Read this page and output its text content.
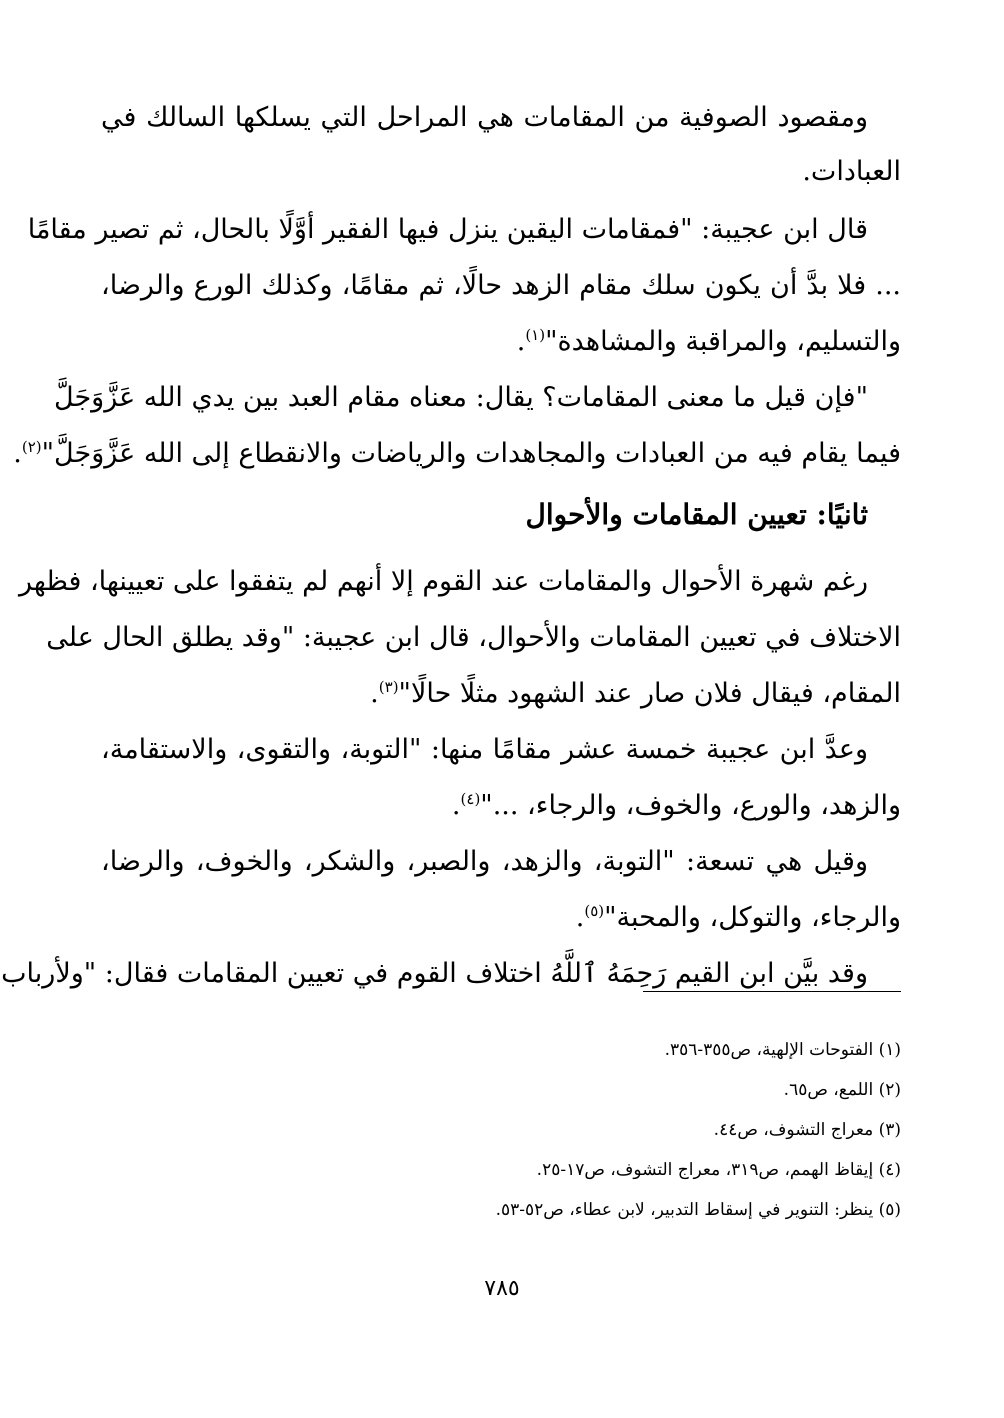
ومقصود الصوفية من المقامات هي المراحل التي يسلكها السالك في
العبادات.
قال ابن عجيبة: "فمقامات اليقين ينزل فيها الفقير أوَّلًا بالحال، ثم تصير مقامًا
... فلا بدَّ أن يكون سلك مقام الزهد حالًا، ثم مقامًا، وكذلك الورع والرضا،
والتسليم، والمراقبة والمشاهدة"$^{(١)}$.
"فإن قيل ما معنى المقامات؟ يقال: معناه مقام العبد بين يدي الله عَزَّوَجَلَّ
فيما يقام فيه من العبادات والمجاهدات والرياضات والانقطاع إلى الله عَزَّوَجَلَّ"$^{(٢)}$.
ثانيًا: تعيين المقامات والأحوال
رغم شهرة الأحوال والمقامات عند القوم إلا أنهم لم يتفقوا على تعيينها، فظهر
الاختلاف في تعيين المقامات والأحوال، قال ابن عجيبة: "وقد يطلق الحال على
المقام، فيقال فلان صار عند الشهود مثلًا حالًا"$^{(٣)}$.
وعدَّ ابن عجيبة خمسة عشر مقامًا منها: "التوبة، والتقوى، والاستقامة،
والزهد، والورع، والخوف، والرجاء، ..."$^{(٤)}$.
وقيل هي تسعة: "التوبة، والزهد، والصبر، والشكر، والخوف، والرضا،
والرجاء، والتوكل، والمحبة"$^{(٥)}$.
وقد بيَّن ابن القيم رَحِمَهُ ٱللَّهُ اختلاف القوم في تعيين المقامات فقال: "ولأرباب
(١) الفتوحات الإلهية، ص٣٥٥-٣٥٦.
(٢) اللمع، ص٦٥.
(٣) معراج التشوف، ص٤٤.
(٤) إيقاظ الهمم، ص٣١٩، معراج التشوف، ص١٧-٢٥.
(٥) ينظر: التنوير في إسقاط التدبير، لابن عطاء، ص٥٢-٥٣.
٧٨٥
